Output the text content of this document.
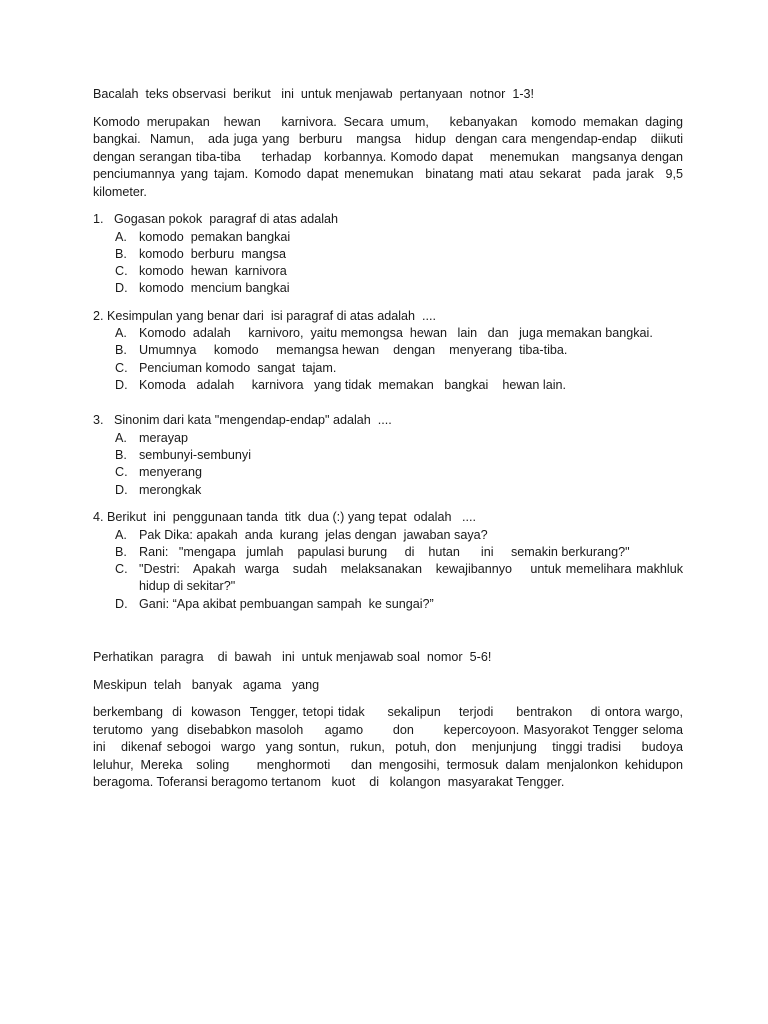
Bacalah  teks observasi  berikut   ini  untuk menjawab  pertanyaan  notnor  1-3!

Komodo merupakan  hewan   karnivora. Secara umum,   kebanyakan  komodo memakan daging bangkai.  Namun,   ada juga yang  berburu   mangsa   hidup  dengan cara mengendap-endap   diikuti dengan serangan tiba-tiba     terhadap   korbannya. Komodo dapat    menemukan   mangsanya dengan penciumannya yang tajam. Komodo dapat menemukan  binatang mati atau sekarat  pada jarak  9,5 kilometer.

1.   Gogasan pokok  paragraf di atas adalah

A. komodo  pemakan bangkai
B. komodo  berburu  mangsa
C. komodo  hewan  karnivora
D. komodo  mencium bangkai

2. Kesimpulan yang benar dari  isi paragraf di atas adalah  ....

A. Komodo  adalah     karnivoro,  yaitu memongsa  hewan   lain   dan   juga memakan bangkai.
B. Umumnya     komodo     memangsa hewan    dengan    menyerang  tiba-tiba.
C. Penciuman komodo  sangat  tajam.
D. Komoda   adalah     karnivora   yang tidak  memakan   bangkai    hewan lain.

3.   Sinonim dari kata "mengendap-endap" adalah  ....

A. merayap
B. sembunyi-sembunyi
C. menyerang
D. merongkak

4. Berikut  ini  penggunaan tanda  titk  dua (:) yang tepat  odalah   ....

A. Pak Dika: apakah  anda  kurang  jelas dengan  jawaban saya?
B. Rani:   "mengapa   jumlah    papulasi burung     di    hutan      ini     semakin berkurang?"
C. "Destri:   Apakah  warga   sudah   melaksanakan   kewajibannyo    untuk memelihara makhluk hidup di sekitar?"
D. Gani: “Apa akibat pembuangan sampah  ke sungai?”

Perhatikan  paragra    di  bawah   ini  untuk menjawab soal  nomor  5-6!

Meskipun  telah   banyak   agama   yang

berkembang  di  kowason  Tengger, tetopi tidak     sekalipun    terjodi     bentrakon    di ontora wargo,  terutomo  yang  disebabkon masoloh     agamo       don       kepercoyoon. Masyorakot Tengger seloma    ini   dikenaf sebogoi  wargo  yang sontun,  rukun,  potuh, don   menjunjung   tinggi tradisi    budoya leluhur, Mereka  soling    menghormoti   dan mengosihi, termosuk dalam menjalonkon kehidupon beragoma. Toferansi beragomo tertanom   kuot    di   kolangon  masyarakat Tengger.
